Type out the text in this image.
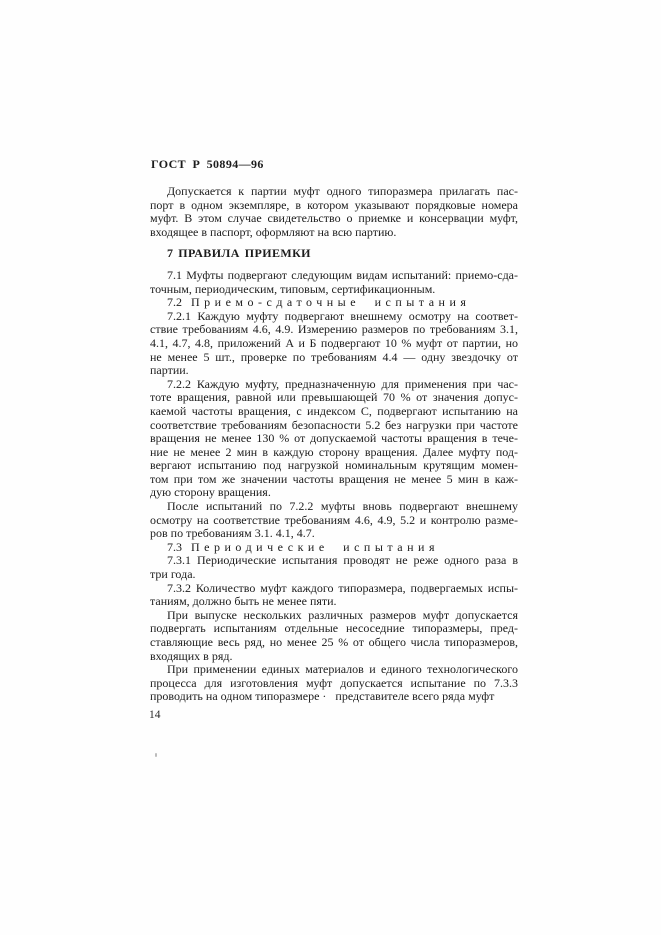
ГОСТ Р 50894—96
Допускается к партии муфт одного типоразмера прилагать пас-
порт в одном экземпляре, в котором указывают порядковые номера
муфт. В этом случае свидетельство о приемке и консервации муфт,
входящее в паспорт, оформляют на всю партию.
7 ПРАВИЛА ПРИЕМКИ
7.1 Муфты подвергают следующим видам испытаний: приемо-сда-
точным, периодическим, типовым, сертификационным.
7.2 Приемо-сдаточные испытания
7.2.1 Каждую муфту подвергают внешнему осмотру на соответ-
ствие требованиям 4.6, 4.9. Измерению размеров по требованиям 3.1,
4.1, 4.7, 4.8, приложений А и Б подвергают 10 % муфт от партии, но
не менее 5 шт., проверке по требованиям 4.4 — одну звездочку от
партии.
7.2.2 Каждую муфту, предназначенную для применения при час-
тоте вращения, равной или превышающей 70 % от значения допус-
каемой частоты вращения, с индексом С, подвергают испытанию на
соответствие требованиям безопасности 5.2 без нагрузки при частоте
вращения не менее 130 % от допускаемой частоты вращения в тече-
ние не менее 2 мин в каждую сторону вращения. Далее муфту под-
вергают испытанию под нагрузкой номинальным крутящим момен-
том при том же значении частоты вращения не менее 5 мин в каж-
дую сторону вращения.
После испытаний по 7.2.2 муфты вновь подвергают внешнему
осмотру на соответствие требованиям 4.6, 4.9, 5.2 и контролю разме-
ров по требованиям 3.1. 4.1, 4.7.
7.3 Периодические испытания
7.3.1 Периодические испытания проводят не реже одного раза в
три года.
7.3.2 Количество муфт каждого типоразмера, подвергаемых испы-
таниям, должно быть не менее пяти.
При выпуске нескольких различных размеров муфт допускается
подвергать испытаниям отдельные несоседние типоразмеры, пред-
ставляющие весь ряд, но менее 25 % от общего числа типоразмеров,
входящих в ряд.
При применении единых материалов и единого технологического
процесса для изготовления муфт допускается испытание по 7.3.3
проводить на одном типоразмере ·   представителе всего ряда муфт
14
